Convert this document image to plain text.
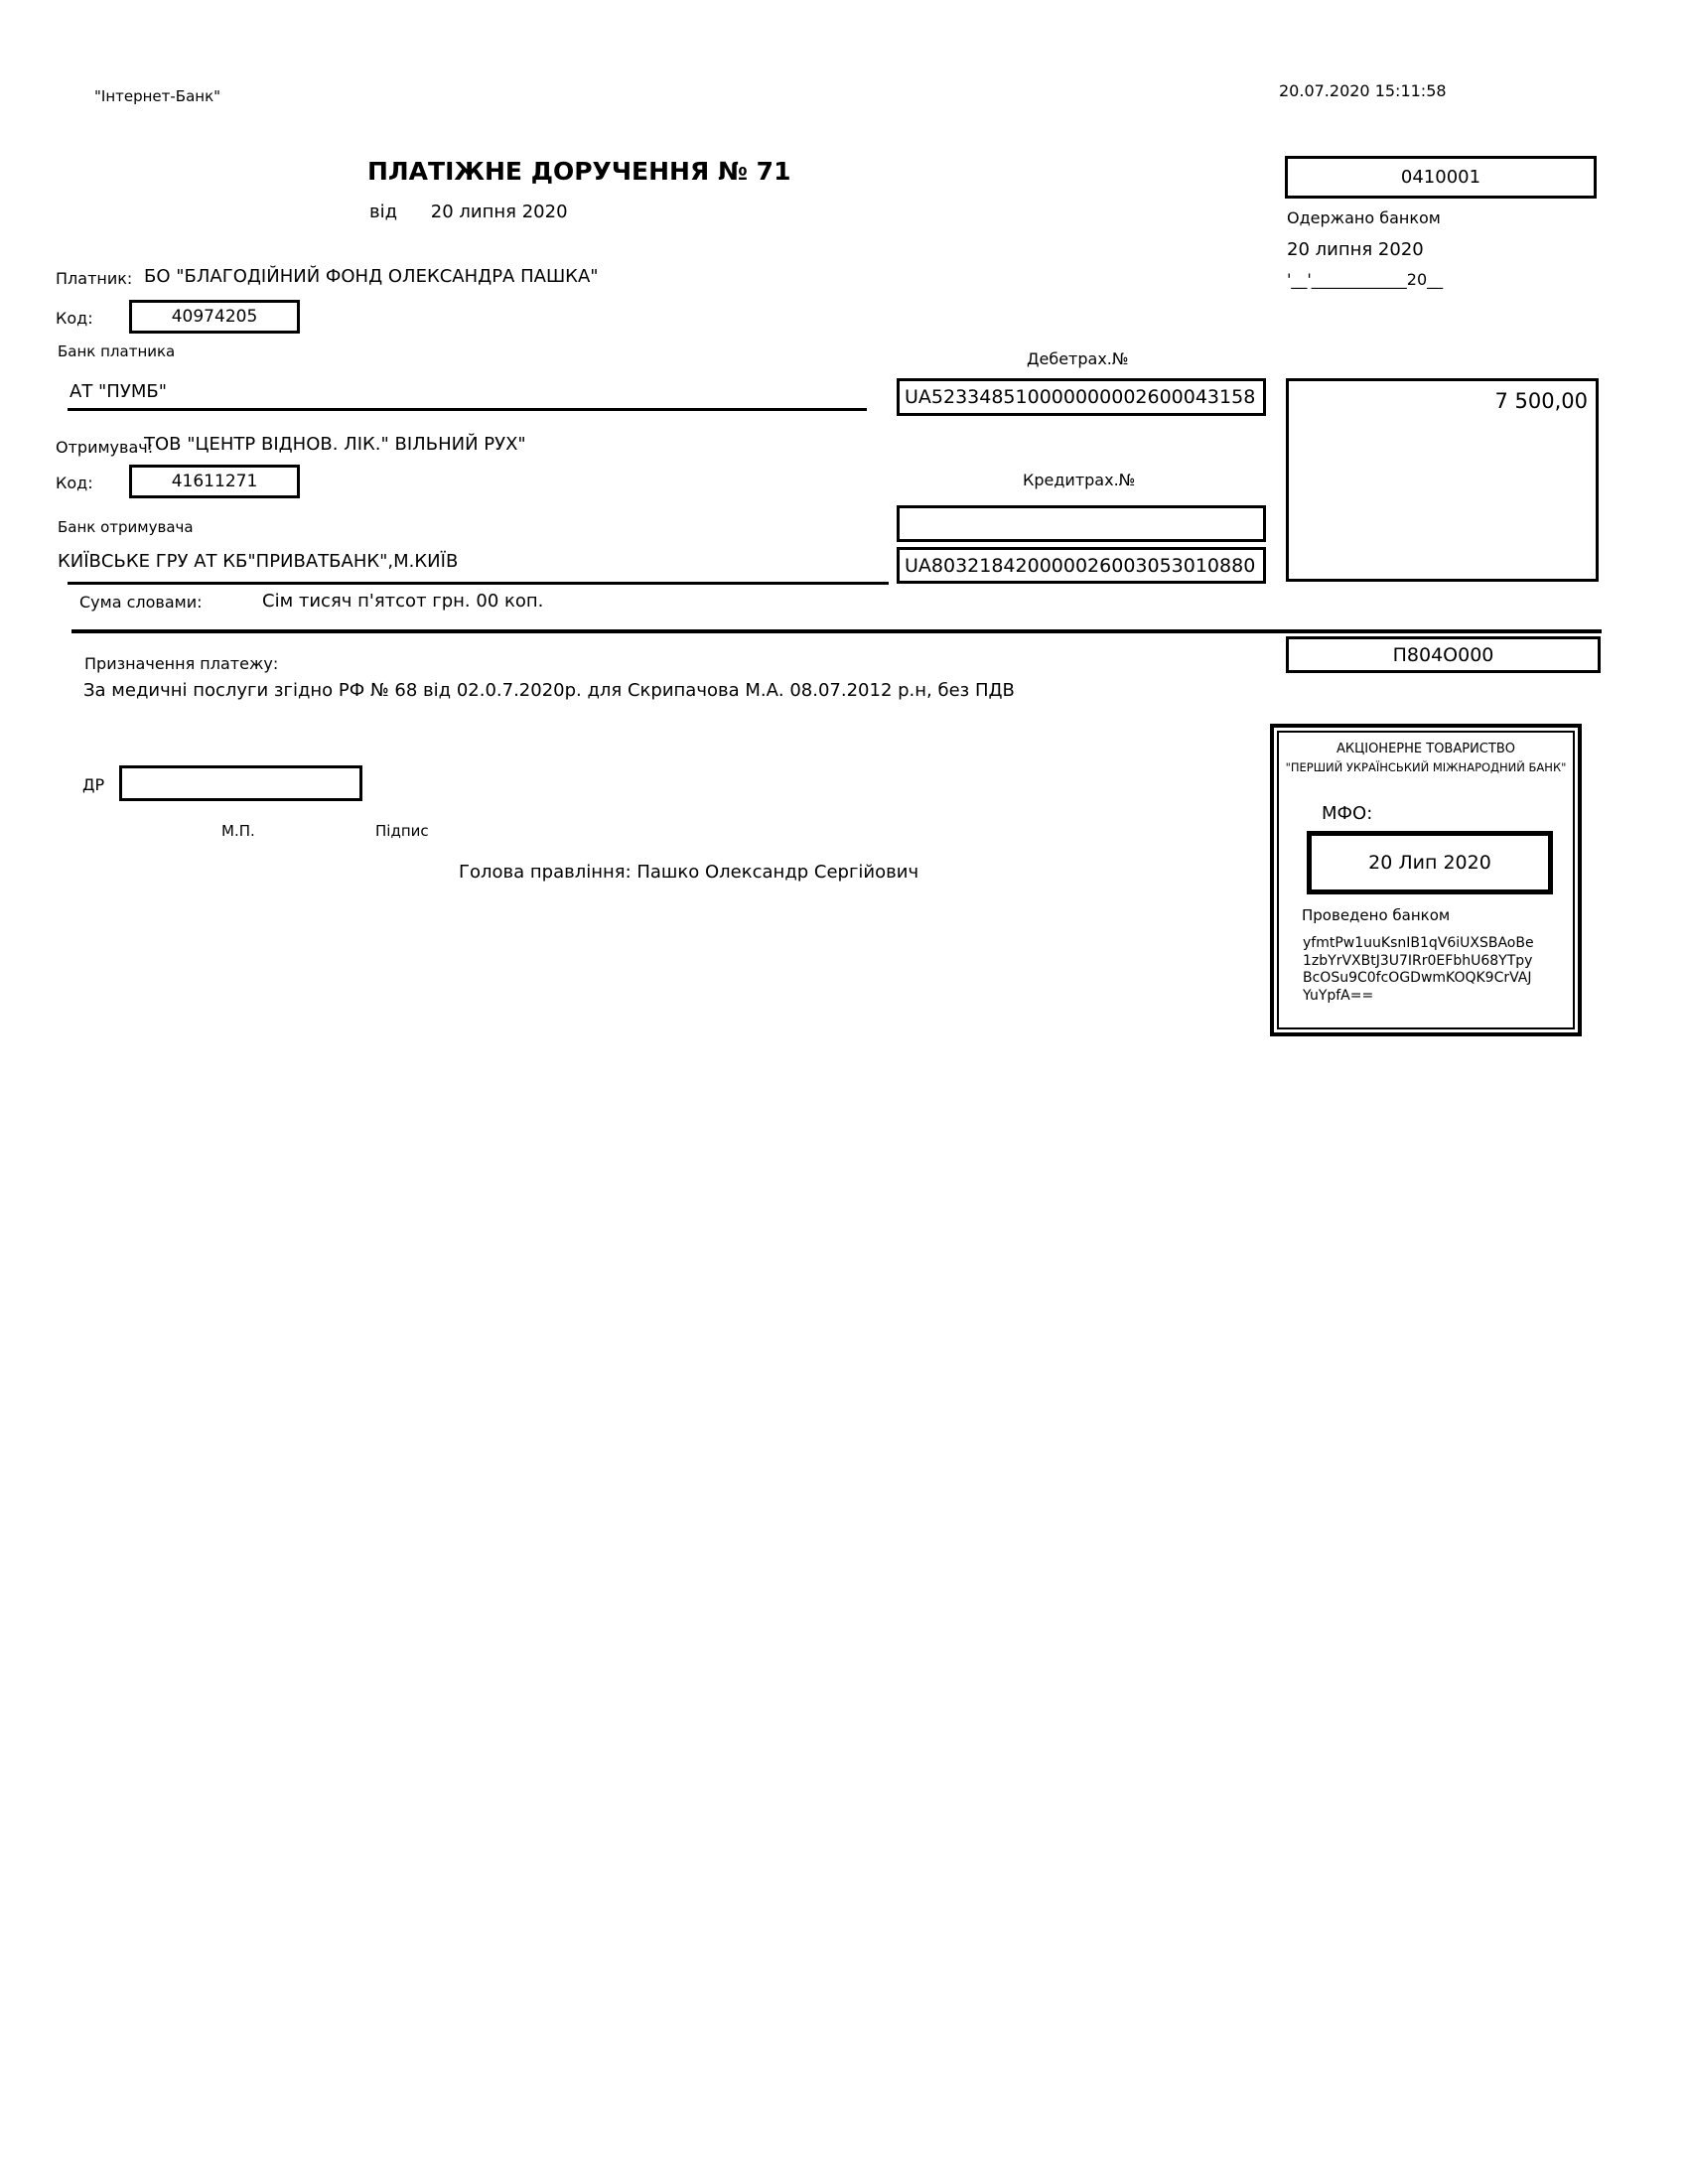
"Інтернет-Банк"	20.07.2020 15:11:58
ПЛАТІЖНЕ ДОРУЧЕННЯ № 71
від 20 липня 2020
0410001
Одержано банком
20 липня 2020
'__'____________20__
Платник: БО "БЛАГОДІЙНИЙ ФОНД ОЛЕКСАНДРА ПАШКА"
Код:	40974205
Банк платника
АТ "ПУМБ"
Дебетрах.№
UA523348510000000002600043158	7 500,00
Отримувач:
ТОВ "ЦЕНТР ВІДНОВ. ЛІК." ВІЛЬНИЙ РУХ"
Код:	41611271	Кредитрах.№
Банк отримувача
UA803218420000026003053010880
КИЇВСЬКЕ ГРУ АТ КБ"ПРИВАТБАНК",М.КИЇВ
Сума словами:	Сім тисяч п'ятсот грн. 00 коп.
П804О000
Призначення платежу:
За медичні послуги згідно РФ № 68 від 02.0.7.2020р. для Скрипачова М.А. 08.07.2012 р.н, без ПДВ
ДР
М.П.	Підпис
Голова правління: Пашко Олександр Сергійович
АКЦІОНЕРНЕ ТОВАРИСТВО
"ПЕРШИЙ УКРАЇНСЬКИЙ МІЖНАРОДНИЙ БАНК"
МФО:
20 Лип 2020
Проведено банком
yfmtPw1uuKsnIB1qV6iUXSBAoBe
1zbYrVXBtJ3U7IRr0EFbhU68YTpy
BcOSu9C0fcOGDwmKOQK9CrVAJ
YuYpfA==
